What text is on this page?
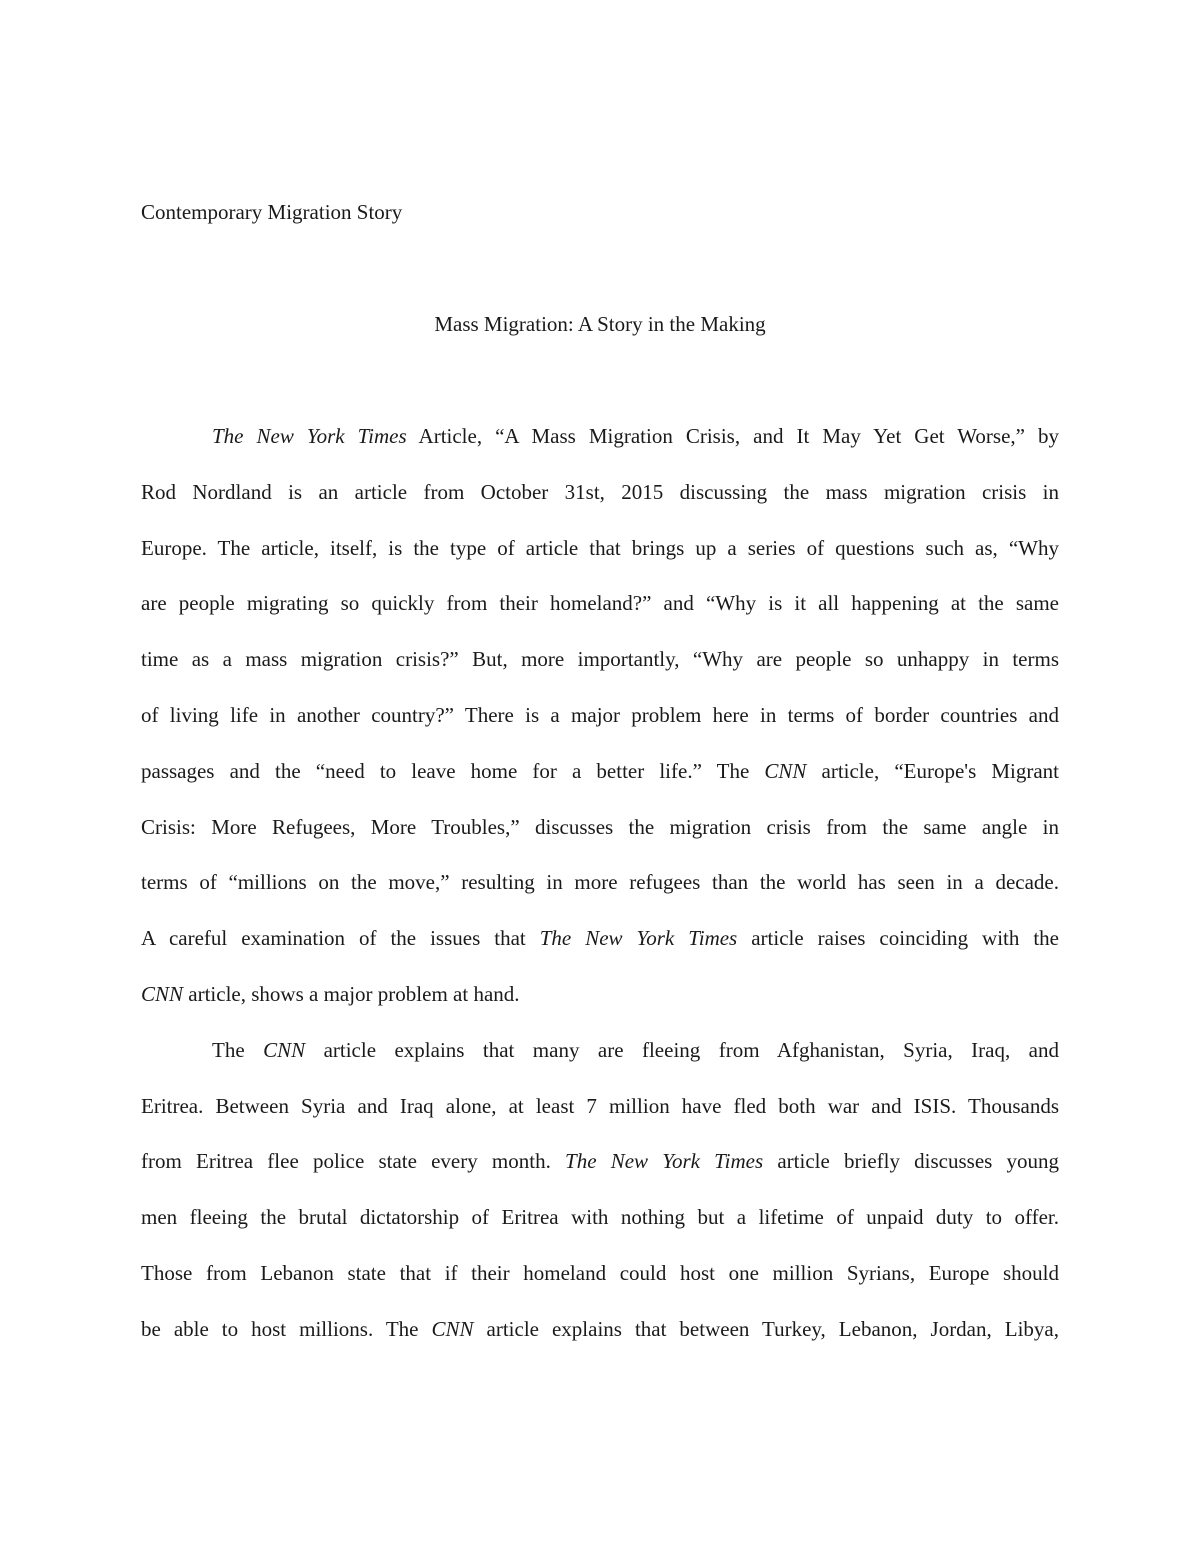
Contemporary Migration Story
Mass Migration: A Story in the Making
The New York Times Article, “A Mass Migration Crisis, and It May Yet Get Worse,” by
Rod Nordland is an article from October 31st, 2015 discussing the mass migration crisis in
Europe. The article, itself, is the type of article that brings up a series of questions such as, “Why
are people migrating so quickly from their homeland?” and “Why is it all happening at the same
time as a mass migration crisis?” But, more importantly, “Why are people so unhappy in terms
of living life in another country?” There is a major problem here in terms of border countries and
passages and the “need to leave home for a better life.” The CNN article, “Europe's Migrant
Crisis: More Refugees, More Troubles,” discusses the migration crisis from the same angle in
terms of “millions on the move,” resulting in more refugees than the world has seen in a decade.
A careful examination of the issues that The New York Times article raises coinciding with the
CNN article, shows a major problem at hand.
The CNN article explains that many are fleeing from Afghanistan, Syria, Iraq, and
Eritrea. Between Syria and Iraq alone, at least 7 million have fled both war and ISIS. Thousands
from Eritrea flee police state every month. The New York Times article briefly discusses young
men fleeing the brutal dictatorship of Eritrea with nothing but a lifetime of unpaid duty to offer.
Those from Lebanon state that if their homeland could host one million Syrians, Europe should
be able to host millions. The CNN article explains that between Turkey, Lebanon, Jordan, Libya,
